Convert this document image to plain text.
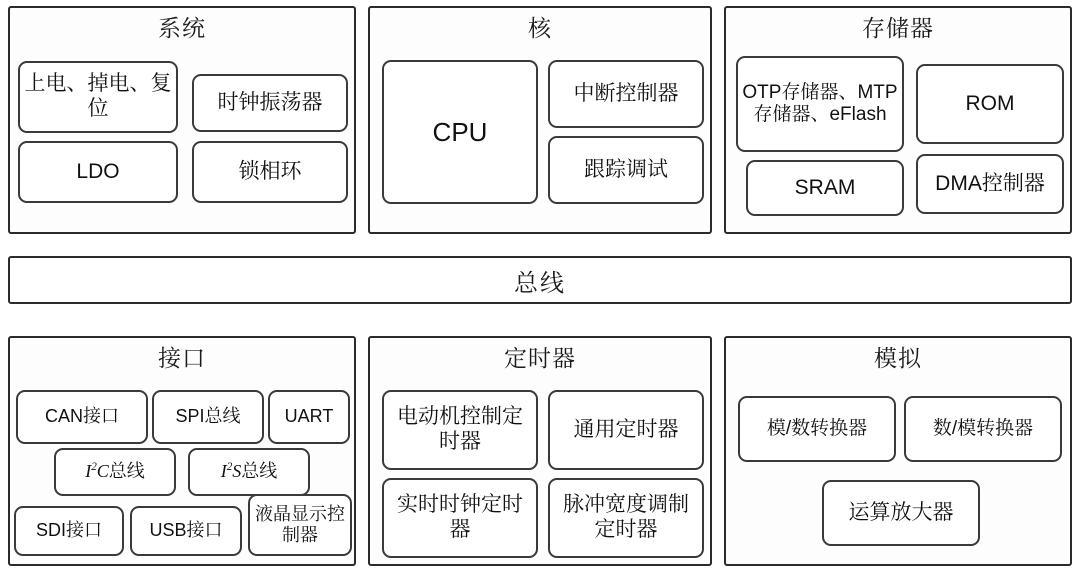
系统
上电、掉电、复位	时钟振荡器
LDO	锁相环
核
CPU
中断控制器
跟踪调试
存储器
OTP存储器、MTP存储器、eFlash	ROM
SRAM	DMA控制器
总线
接口
CAN接口	SPI总线	UART
$I^2C$总线	$I^2S$总线
SDI接口	USB接口
液晶显示控制器
定时器
电动机控制定时器
通用定时器
实时时钟定时器
脉冲宽度调制定时器
模拟
模/数转换器	数/模转换器
运算放大器
